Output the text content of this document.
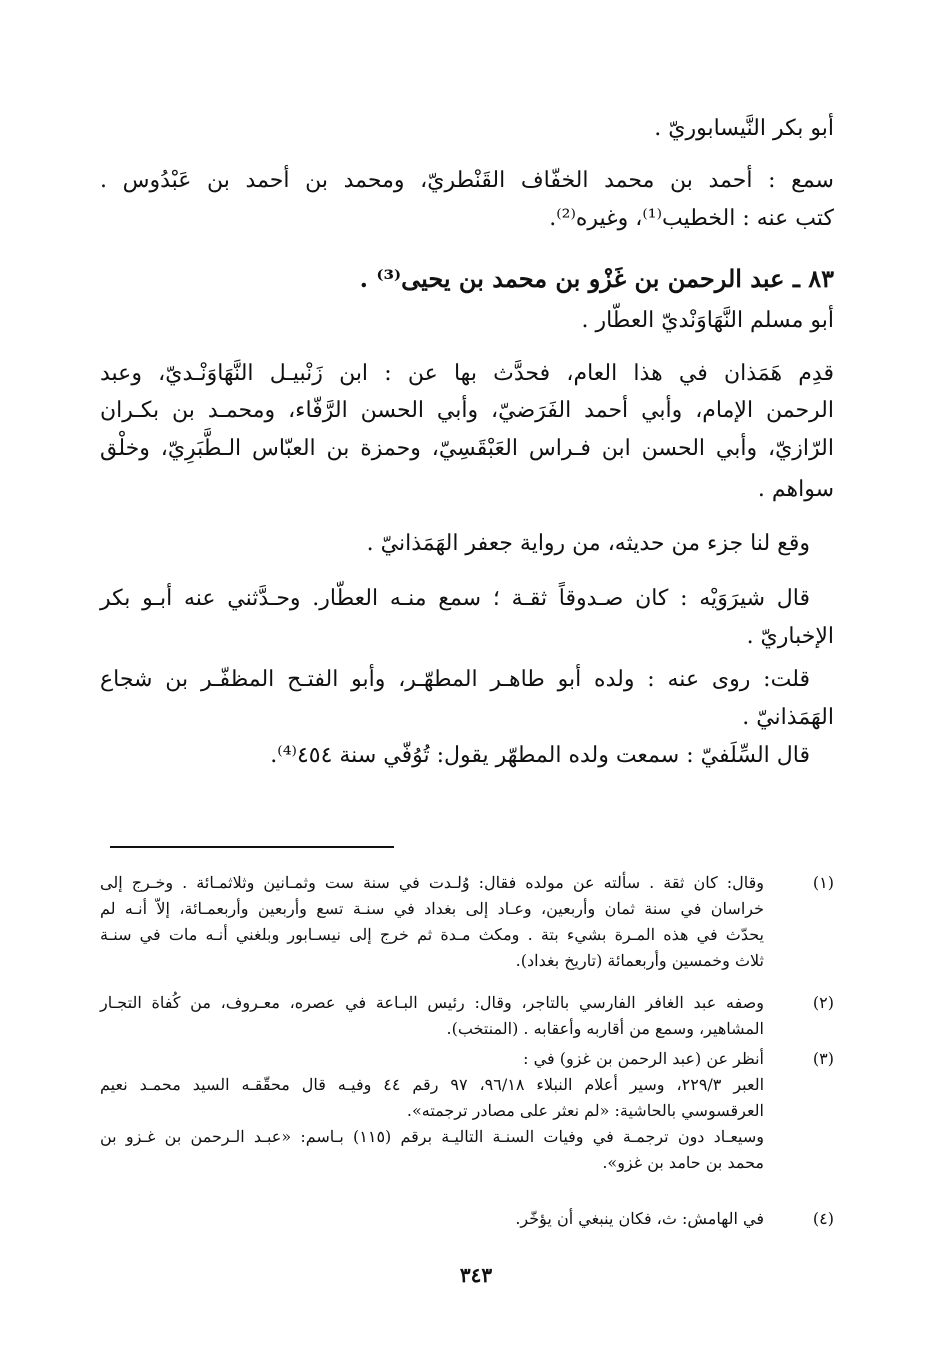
أبو بكر النَّيسابوريّ .
سمع : أحمد بن محمد الخفّاف القَنْطريّ، ومحمد بن أحمد بن عَبْدُوس .
كتب عنه : الخطيب⁽¹⁾، وغيره⁽²⁾.
٨٣ ـ عبد الرحمن بن غَزْو بن محمد بن يحيى⁽³⁾ .
أبو مسلم النَّهَاوَنْديّ العطّار .
قدِم هَمَذان في هذا العام، فحدَّث بها عن : ابن زَنْبيـل النَّهَاوَنْـديّ، وعبد
الرحمن الإمام، وأبي أحمد الفَرَضيّ، وأبي الحسن الرَّفّاء، ومحمـد بن بكـران
الرّازيّ، وأبي الحسن ابن فـراس العَبْقَسِيّ، وحمزة بن العبّاس الـطَّبَرِيّ، وخلْق
سواهم .
وقع لنا جزء من حديثه، من رواية جعفر الهَمَذانيّ .
قال شيرَوَيْه : كان صـدوقاً ثقـة ؛ سمع منـه العطّار. وحـدَّثني عنه أبـو بكر
الإخباريّ .
قلت: روى عنه : ولده أبو طاهـر المطهّـر، وأبو الفتـح المظفّـر بن شجاع
الهَمَذانيّ .
قال السِّلَفيّ : سمعت ولده المطهّر يقول: تُوُفّي سنة ٤٥٤⁽⁴⁾.
(١)
وقال: كان ثقة . سألته عن مولده فقال: وُلـدت في سنة ست وثمـانين وثلاثمـائة . وخـرج إلى
خراسان في سنة ثمان وأربعين، وعـاد إلى بغداد في سنـة تسع وأربعين وأربعمـائة، إلاّ أنـه لم
يحدّث في هذه المـرة بشيء بتة . ومكث مـدة ثم خرج إلى نيسـابور وبلغني أنـه مات في سنـة
ثلاث وخمسين وأربعمائة (تاريخ بغداد).
(٢)
وصفه عبد الغافر الفارسي بالتاجر، وقال: رئيس البـاعة في عصره، معـروف، من كُفاة التجـار
المشاهير، وسمع من أقاربه وأعقابه . (المنتخب).
(٣)
أنظر عن (عبد الرحمن بن غزو) في :
العبر ٢٢٩/٣، وسير أعلام النبلاء ٩٦/١٨، ٩٧ رقم ٤٤ وفيـه قال محقّقـه السيد محمـد نعيم
العرقسوسي بالحاشية: «لم نعثر على مصادر ترجمته».
وسيعـاد دون ترجمـة في وفيات السنـة التاليـة برقم (١١٥) بـاسم: «عبـد الـرحمن بن غـزو بن
محمد بن حامد بن غزو».
(٤)
في الهامش: ث، فكان ينبغي أن يؤخّر.
٣٤٣
